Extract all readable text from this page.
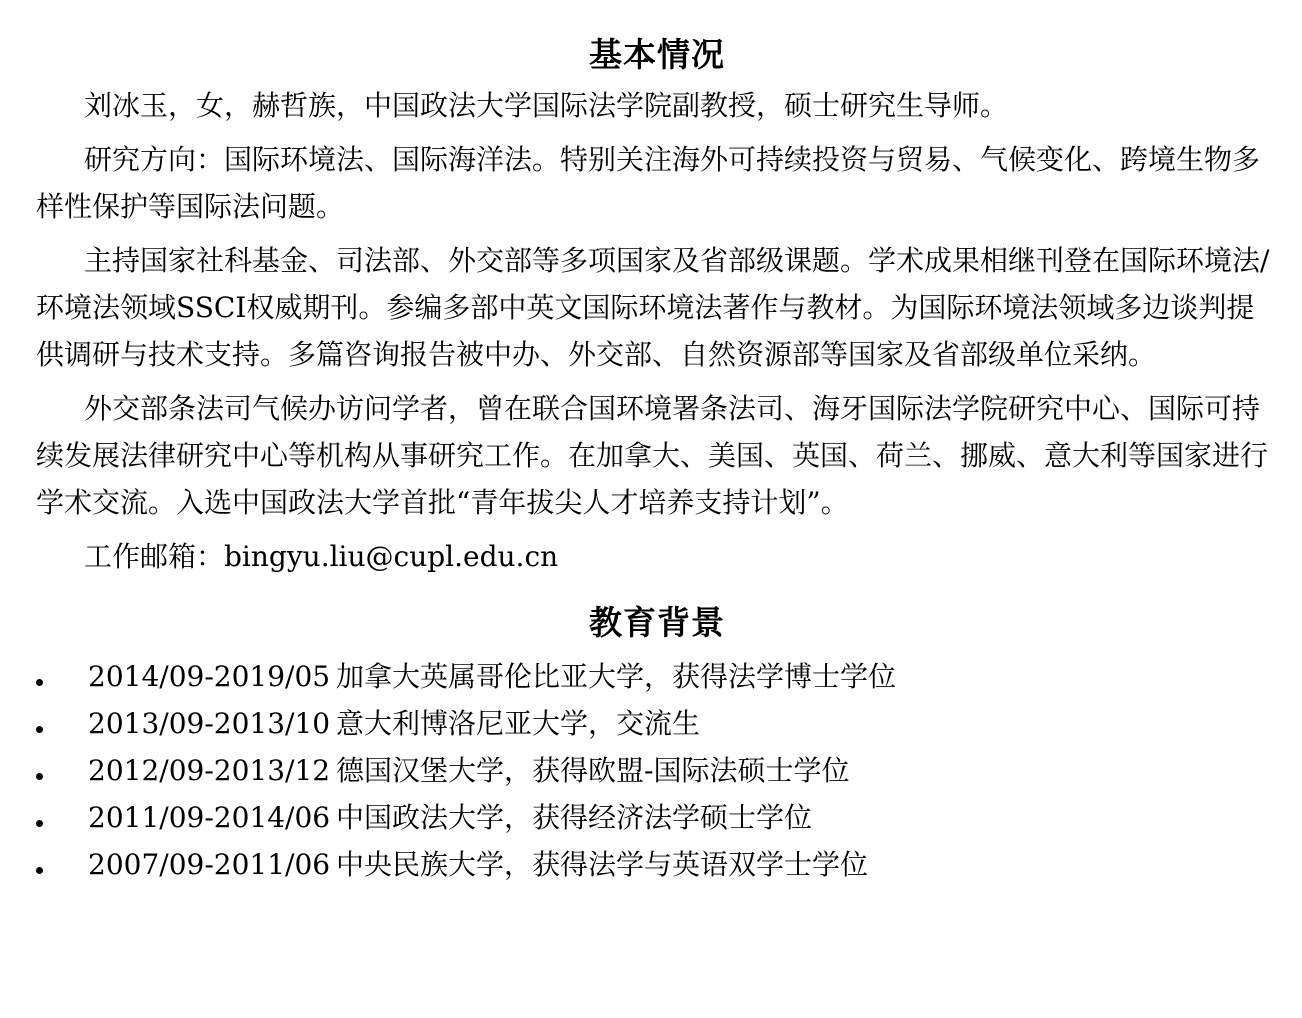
基本情况

刘冰玉，女，赫哲族，中国政法大学国际法学院副教授，硕士研究生导师。

研究方向：国际环境法、国际海洋法。特别关注海外可持续投资与贸易、气候变化、跨境生物多样性保护等国际法问题。

主持国家社科基金、司法部、外交部等多项国家及省部级课题。学术成果相继刊登在国际环境法/环境法领域SSCI权威期刊。参编多部中英文国际环境法著作与教材。为国际环境法领域多边谈判提供调研与技术支持。多篇咨询报告被中办、外交部、自然资源部等国家及省部级单位采纳。

外交部条法司气候办访问学者，曾在联合国环境署条法司、海牙国际法学院研究中心、国际可持续发展法律研究中心等机构从事研究工作。在加拿大、美国、英国、荷兰、挪威、意大利等国家进行学术交流。入选中国政法大学首批“青年拔尖人才培养支持计划”。

工作邮箱：bingyu.liu@cupl.edu.cn

教育背景
2014/09-2019/05 加拿大英属哥伦比亚大学，获得法学博士学位
2013/09-2013/10 意大利博洛尼亚大学，交流生
2012/09-2013/12 德国汉堡大学，获得欧盟-国际法硕士学位
2011/09-2014/06 中国政法大学，获得经济法学硕士学位
2007/09-2011/06 中央民族大学，获得法学与英语双学士学位
